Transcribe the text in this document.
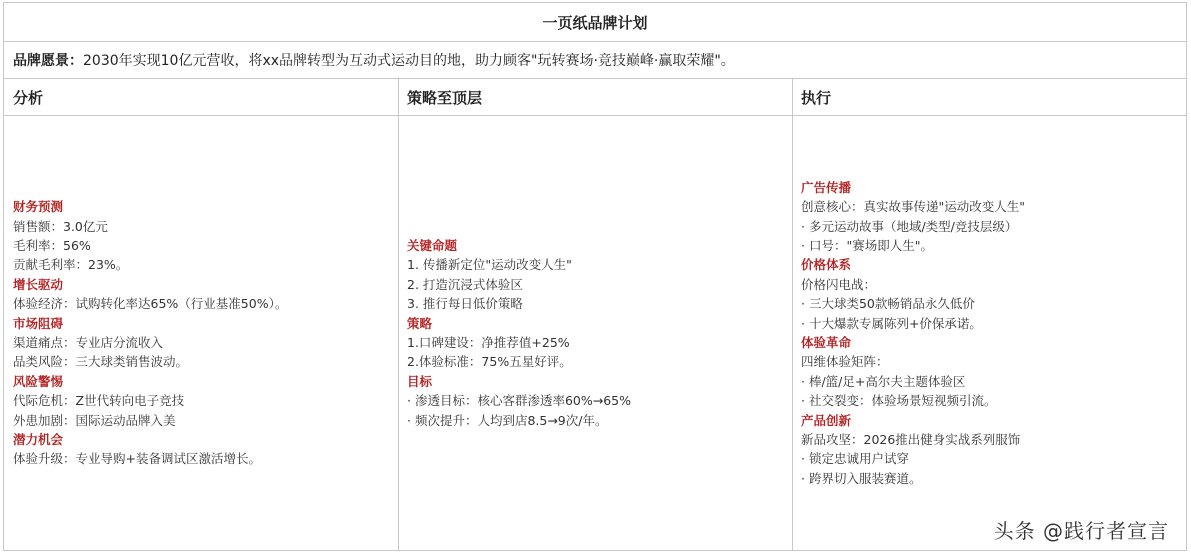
一页纸品牌计划
品牌愿景： 2030年实现10亿元营收，将xx品牌转型为互动式运动目的地，助力顾客"玩转赛场·竞技巅峰·赢取荣耀"。
分析	策略至顶层	执行
财务预测
销售额：3.0亿元
毛利率：56%
贡献毛利率：23%。
增长驱动
体验经济：试购转化率达65%（行业基准50%）。
市场阻碍
渠道痛点：专业店分流收入
品类风险：三大球类销售波动。
风险警惕
代际危机：Z世代转向电子竞技
外患加剧：国际运动品牌入美
潜力机会
体验升级：专业导购+装备调试区激活增长。
关键命题
1. 传播新定位"运动改变人生"
2. 打造沉浸式体验区
3. 推行每日低价策略
策略
1.口碑建设：净推荐值+25%
2.体验标准：75%五星好评。
目标
· 渗透目标：核心客群渗透率60%→65%
· 频次提升：人均到店8.5→9次/年。
广告传播
创意核心：真实故事传递"运动改变人生"
· 多元运动故事（地域/类型/竞技层级）
· 口号："赛场即人生"。
价格体系
价格闪电战：
· 三大球类50款畅销品永久低价
· 十大爆款专属陈列+价保承诺。
体验革命
四维体验矩阵：
· 棒/篮/足+高尔夫主题体验区
· 社交裂变：体验场景短视频引流。
产品创新
新品攻坚：2026推出健身实战系列服饰
· 锁定忠诚用户试穿
· 跨界切入服装赛道。
头条 @践行者宣言
